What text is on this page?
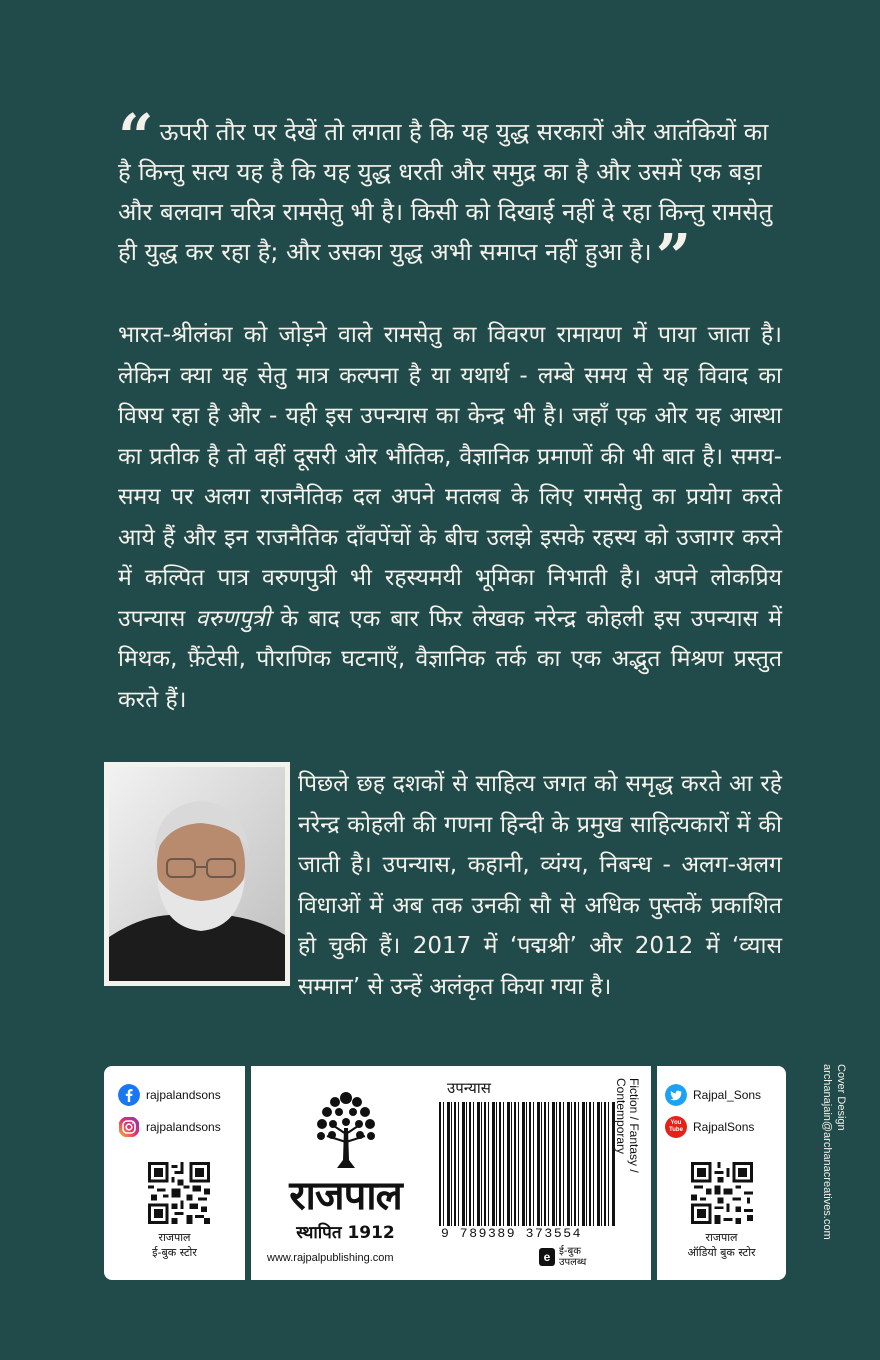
“ ऊपरी तौर पर देखें तो लगता है कि यह युद्ध सरकारों और आतंकियों का है किन्तु सत्य यह है कि यह युद्ध धरती और समुद्र का है और उसमें एक बड़ा और बलवान चरित्र रामसेतु भी है। किसी को दिखाई नहीं दे रहा किन्तु रामसेतु ही युद्ध कर रहा है; और उसका युद्ध अभी समाप्त नहीं हुआ है।”
भारत-श्रीलंका को जोड़ने वाले रामसेतु का विवरण रामायण में पाया जाता है। लेकिन क्या यह सेतु मात्र कल्पना है या यथार्थ - लम्बे समय से यह विवाद का विषय रहा है और - यही इस उपन्यास का केन्द्र भी है। जहाँ एक ओर यह आस्था का प्रतीक है तो वहीं दूसरी ओर भौतिक, वैज्ञानिक प्रमाणों की भी बात है। समय-समय पर अलग राजनैतिक दल अपने मतलब के लिए रामसेतु का प्रयोग करते आये हैं और इन राजनैतिक दाँवपेंचों के बीच उलझे इसके रहस्य को उजागर करने में कल्पित पात्र वरुणपुत्री भी रहस्यमयी भूमिका निभाती है। अपने लोकप्रिय उपन्यास वरुणपुत्री के बाद एक बार फिर लेखक नरेन्द्र कोहली इस उपन्यास में मिथक, फ़ैंटेसी, पौराणिक घटनाएँ, वैज्ञानिक तर्क का एक अद्भुत मिश्रण प्रस्तुत करते हैं।
पिछले छह दशकों से साहित्य जगत को समृद्ध करते आ रहे नरेन्द्र कोहली की गणना हिन्दी के प्रमुख साहित्यकारों में की जाती है। उपन्यास, कहानी, व्यंग्य, निबन्ध - अलग-अलग विधाओं में अब तक उनकी सौ से अधिक पुस्तकें प्रकाशित हो चुकी हैं। 2017 में ‘पद्मश्री’ और 2012 में ‘व्यास सम्मान’ से उन्हें अलंकृत किया गया है।
rajpalandsons
rajpalandsons
राजपाल
ई-बुक स्टोर
राजपाल
स्थापित 1912
www.rajpalpublishing.com
उपन्यास
9 789389 373554
Fiction / Fantasy / Contemporary
e ई-बुक
उपलब्ध
Rajpal_Sons
You Tube RajpalSons
राजपाल
ऑडियो बुक स्टोर
Cover Design
archanajain@archanacreatives.com
